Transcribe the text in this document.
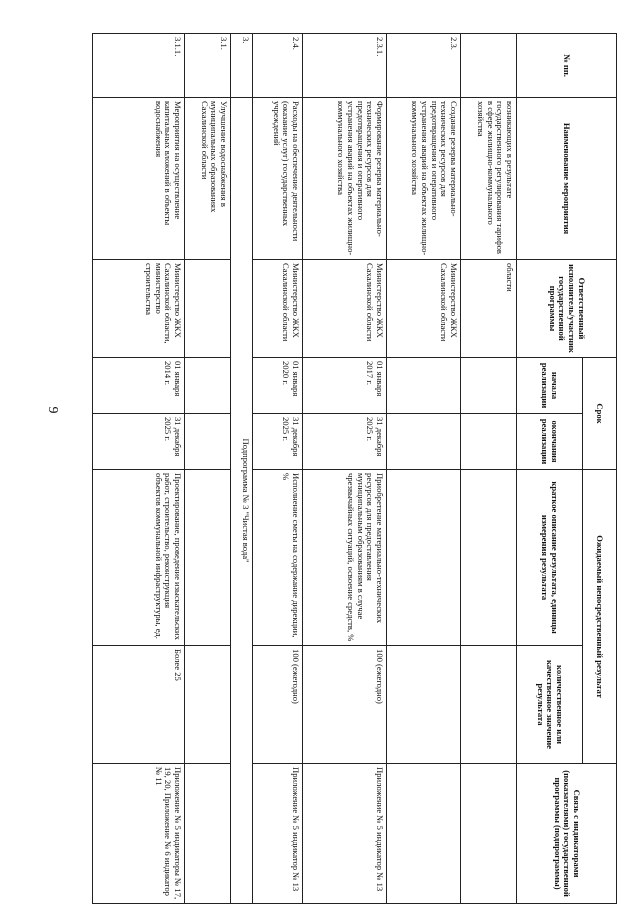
9
№ пп.	Наименование мероприятия	Ответственный исполнитель/участник государственной программы	Срок		Ожидаемый непосредственный результат		Связь с индикаторами (показателями) государственной программы (подпрограммы)
			начала реализации	окончания реализации	краткое описание результата, единицы измерения результата	количественное или качественное значение результата	
	возникающих в результате государственного регулирования тарифов в сфере жилищно-коммунального хозяйства	области					
2.3.	Создание резерва материально-технических ресурсов для предотвращения и оперативного устранения аварий на объектах жилищно-коммунального хозяйства	Министерство ЖКХ Сахалинской области					
2.3.1.	Формирование резерва материально-технических ресурсов для предотвращения и оперативного устранения аварий на объектах жилищно-коммунального хозяйства	Министерство ЖКХ Сахалинской области	01 января 2017 г.	31 декабря 2025 г.	Приобретение материально-технических ресурсов для предоставления муниципальным образованиям в случае чрезвычайных ситуаций, освоение средств, %	100 (ежегодно)	Приложение № 5 индикатор № 13
2.4.	Расходы на обеспечение деятельности (оказание услуг) государственных учреждений	Министерство ЖКХ Сахалинской области	01 января 2020 г.	31 декабря 2025 г.	Исполнение сметы на содержание дирекции, %	100 (ежегодно)	Приложение № 5 индикатор № 13
3.	Подпрограмма № 3 "Чистая вода"						
3.1.	Улучшение водоснабжения в муниципальных образованиях Сахалинской области						
3.1.1.	Мероприятия на осуществление капитальных вложений в объекты водоснабжения	Министерство ЖКХ Сахалинской области, министерство строительства	01 января 2014 г.	31 декабря 2025 г.	Проектирование, проведение изыскательских работ, строительство, реконструкция объектов коммунальной инфраструктуры, ед.	Более 25	Приложение № 5 индикаторы № 17, 19, 20, Приложение № 6 индикатор № 11
